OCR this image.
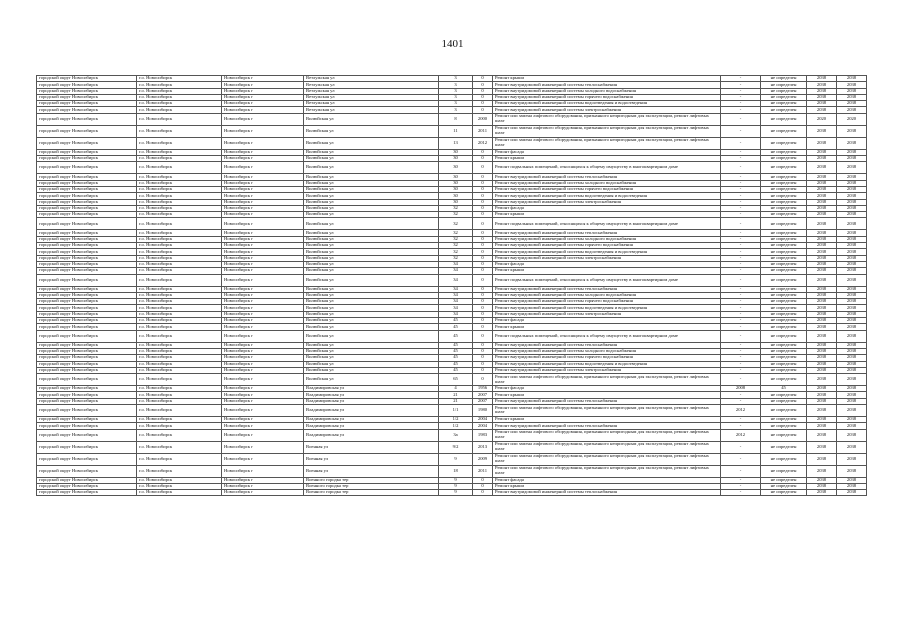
1401
городской округ Новосибирск	г.о. Новосибирск	Новосибирск г	Ветлужская ул	3	0	Ремонт крыши	-	не определен	2038	2038
городской округ Новосибирск	г.о. Новосибирск	Новосибирск г	Ветлужская ул	3	0	Ремонт внутридомовой инженерной системы теплоснабжения	-	не определен	2038	2038
городской округ Новосибирск	г.о. Новосибирск	Новосибирск г	Ветлужская ул	3	0	Ремонт внутридомовой инженерной системы холодного водоснабжения	-	не определен	2038	2038
городской округ Новосибирск	г.о. Новосибирск	Новосибирск г	Ветлужская ул	3	0	Ремонт внутридомовой инженерной системы горячего водоснабжения	-	не определен	2038	2038
городской округ Новосибирск	г.о. Новосибирск	Новосибирск г	Ветлужская ул	3	0	Ремонт внутридомовой инженерной системы водоотведения и водоотведения	-	не определен	2038	2038
городской округ Новосибирск	г.о. Новосибирск	Новосибирск г	Ветлужская ул	3	0	Ремонт внутридомовой инженерной системы электроснабжения	-	не определен	2038	2038
городской округ Новосибирск	г.о. Новосибирск	Новосибирск г	Вилюйская ул	8	2000	Ремонт или замена лифтового оборудования, признанного непригодным для эксплуатации, ремонт лифтовых шахт	-	не определен	2020	2020
городской округ Новосибирск	г.о. Новосибирск	Новосибирск г	Вилюйская ул	11	2011	Ремонт или замена лифтового оборудования, признанного непригодным для эксплуатации, ремонт лифтовых шахт	-	не определен	2038	2038
городской округ Новосибирск	г.о. Новосибирск	Новосибирск г	Вилюйская ул	13	2012	Ремонт или замена лифтового оборудования, признанного непригодным для эксплуатации, ремонт лифтовых шахт	-	не определен	2038	2038
городской округ Новосибирск	г.о. Новосибирск	Новосибирск г	Вилюйская ул	30	0	Ремонт фасада	-	не определен	2038	2038
городской округ Новосибирск	г.о. Новосибирск	Новосибирск г	Вилюйская ул	30	0	Ремонт крыши	-	не определен	2038	2038
городской округ Новосибирск	г.о. Новосибирск	Новосибирск г	Вилюйская ул	30	0	Ремонт подвальных помещений, относящихся к общему имуществу в многоквартирном доме	-	не определен	2038	2038
городской округ Новосибирск	г.о. Новосибирск	Новосибирск г	Вилюйская ул	30	0	Ремонт внутридомовой инженерной системы теплоснабжения	-	не определен	2038	2038
городской округ Новосибирск	г.о. Новосибирск	Новосибирск г	Вилюйская ул	30	0	Ремонт внутридомовой инженерной системы холодного водоснабжения	-	не определен	2038	2038
городской округ Новосибирск	г.о. Новосибирск	Новосибирск г	Вилюйская ул	30	0	Ремонт внутридомовой инженерной системы горячего водоснабжения	-	не определен	2038	2038
городской округ Новосибирск	г.о. Новосибирск	Новосибирск г	Вилюйская ул	30	0	Ремонт внутридомовой инженерной системы водоотведения и водоотведения	-	не определен	2038	2038
городской округ Новосибирск	г.о. Новосибирск	Новосибирск г	Вилюйская ул	30	0	Ремонт внутридомовой инженерной системы электроснабжения	-	не определен	2038	2038
городской округ Новосибирск	г.о. Новосибирск	Новосибирск г	Вилюйская ул	32	0	Ремонт фасада	-	не определен	2038	2038
городской округ Новосибирск	г.о. Новосибирск	Новосибирск г	Вилюйская ул	32	0	Ремонт крыши	-	не определен	2038	2038
городской округ Новосибирск	г.о. Новосибирск	Новосибирск г	Вилюйская ул	32	0	Ремонт подвальных помещений, относящихся к общему имуществу в многоквартирном доме	-	не определен	2038	2038
городской округ Новосибирск	г.о. Новосибирск	Новосибирск г	Вилюйская ул	32	0	Ремонт внутридомовой инженерной системы теплоснабжения	-	не определен	2038	2038
городской округ Новосибирск	г.о. Новосибирск	Новосибирск г	Вилюйская ул	32	0	Ремонт внутридомовой инженерной системы холодного водоснабжения	-	не определен	2038	2038
городской округ Новосибирск	г.о. Новосибирск	Новосибирск г	Вилюйская ул	32	0	Ремонт внутридомовой инженерной системы горячего водоснабжения	-	не определен	2038	2038
городской округ Новосибирск	г.о. Новосибирск	Новосибирск г	Вилюйская ул	32	0	Ремонт внутридомовой инженерной системы водоотведения и водоотведения	-	не определен	2038	2038
городской округ Новосибирск	г.о. Новосибирск	Новосибирск г	Вилюйская ул	32	0	Ремонт внутридомовой инженерной системы электроснабжения	-	не определен	2038	2038
городской округ Новосибирск	г.о. Новосибирск	Новосибирск г	Вилюйская ул	34	0	Ремонт фасада	-	не определен	2038	2038
городской округ Новосибирск	г.о. Новосибирск	Новосибирск г	Вилюйская ул	34	0	Ремонт крыши	-	не определен	2038	2038
городской округ Новосибирск	г.о. Новосибирск	Новосибирск г	Вилюйская ул	34	0	Ремонт подвальных помещений, относящихся к общему имуществу в многоквартирном доме	-	не определен	2038	2038
городской округ Новосибирск	г.о. Новосибирск	Новосибирск г	Вилюйская ул	34	0	Ремонт внутридомовой инженерной системы теплоснабжения	-	не определен	2038	2038
городской округ Новосибирск	г.о. Новосибирск	Новосибирск г	Вилюйская ул	34	0	Ремонт внутридомовой инженерной системы холодного водоснабжения	-	не определен	2038	2038
городской округ Новосибирск	г.о. Новосибирск	Новосибирск г	Вилюйская ул	34	0	Ремонт внутридомовой инженерной системы горячего водоснабжения	-	не определен	2038	2038
городской округ Новосибирск	г.о. Новосибирск	Новосибирск г	Вилюйская ул	34	0	Ремонт внутридомовой инженерной системы водоотведения и водоотведения	-	не определен	2038	2038
городской округ Новосибирск	г.о. Новосибирск	Новосибирск г	Вилюйская ул	34	0	Ремонт внутридомовой инженерной системы электроснабжения	-	не определен	2038	2038
городской округ Новосибирск	г.о. Новосибирск	Новосибирск г	Вилюйская ул	45	0	Ремонт фасада	-	не определен	2038	2038
городской округ Новосибирск	г.о. Новосибирск	Новосибирск г	Вилюйская ул	45	0	Ремонт крыши	-	не определен	2038	2038
городской округ Новосибирск	г.о. Новосибирск	Новосибирск г	Вилюйская ул	45	0	Ремонт подвальных помещений, относящихся к общему имуществу в многоквартирном доме	-	не определен	2038	2038
городской округ Новосибирск	г.о. Новосибирск	Новосибирск г	Вилюйская ул	45	0	Ремонт внутридомовой инженерной системы теплоснабжения	-	не определен	2038	2038
городской округ Новосибирск	г.о. Новосибирск	Новосибирск г	Вилюйская ул	45	0	Ремонт внутридомовой инженерной системы холодного водоснабжения	-	не определен	2038	2038
городской округ Новосибирск	г.о. Новосибирск	Новосибирск г	Вилюйская ул	45	0	Ремонт внутридомовой инженерной системы горячего водоснабжения	-	не определен	2038	2038
городской округ Новосибирск	г.о. Новосибирск	Новосибирск г	Вилюйская ул	45	0	Ремонт внутридомовой инженерной системы водоотведения и водоотведения	-	не определен	2038	2038
городской округ Новосибирск	г.о. Новосибирск	Новосибирск г	Вилюйская ул	45	0	Ремонт внутридомовой инженерной системы электроснабжения	-	не определен	2038	2038
городской округ Новосибирск	г.о. Новосибирск	Новосибирск г	Вилюйская ул	65	0	Ремонт или замена лифтового оборудования, признанного непригодным для эксплуатации, ремонт лифтовых шахт	-	не определен	2038	2038
городской округ Новосибирск	г.о. Новосибирск	Новосибирск г	Владимировская ул	4	1956	Ремонт фасада	2008	45	2038	2038
городской округ Новосибирск	г.о. Новосибирск	Новосибирск г	Владимировская ул	21	2007	Ремонт крыши	-	не определен	2038	2038
городской округ Новосибирск	г.о. Новосибирск	Новосибирск г	Владимировская ул	21	2007	Ремонт внутридомовой инженерной системы теплоснабжения	-	не определен	2038	2038
городской округ Новосибирск	г.о. Новосибирск	Новосибирск г	Владимировская ул	1/1	1980	Ремонт или замена лифтового оборудования, признанного непригодным для эксплуатации, ремонт лифтовых шахт	2012	не определен	2038	2038
городской округ Новосибирск	г.о. Новосибирск	Новосибирск г	Владимировская ул	1/2	2004	Ремонт крыши	-	не определен	2038	2038
городской округ Новосибирск	г.о. Новосибирск	Новосибирск г	Владимировская ул	1/2	2004	Ремонт внутридомовой инженерной системы теплоснабжения	-	не определен	2038	2038
городской округ Новосибирск	г.о. Новосибирск	Новосибирск г	Владимировская ул	3а	1983	Ремонт или замена лифтового оборудования, признанного непригодным для эксплуатации, ремонт лифтовых шахт	2012	не определен	2038	2038
городской округ Новосибирск	г.о. Новосибирск	Новосибирск г	Военная ул	9/2	2013	Ремонт или замена лифтового оборудования, признанного непригодным для эксплуатации, ремонт лифтовых шахт	-	не определен	2038	2038
городской округ Новосибирск	г.о. Новосибирск	Новосибирск г	Военная ул	9	2009	Ремонт или замена лифтового оборудования, признанного непригодным для эксплуатации, ремонт лифтовых шахт	-	не определен	2038	2038
городской округ Новосибирск	г.о. Новосибирск	Новосибирск г	Военная ул	18	2011	Ремонт или замена лифтового оборудования, признанного непригодным для эксплуатации, ремонт лифтовых шахт	-	не определен	2038	2038
городской округ Новосибирск	г.о. Новосибирск	Новосибирск г	Военного городка тер	9	0	Ремонт фасада	-	не определен	2038	2038
городской округ Новосибирск	г.о. Новосибирск	Новосибирск г	Военного городка тер	9	0	Ремонт крыши	-	не определен	2038	2038
городской округ Новосибирск	г.о. Новосибирск	Новосибирск г	Военного городка тер	9	0	Ремонт внутридомовой инженерной системы теплоснабжения	-	не определен	2038	2038
